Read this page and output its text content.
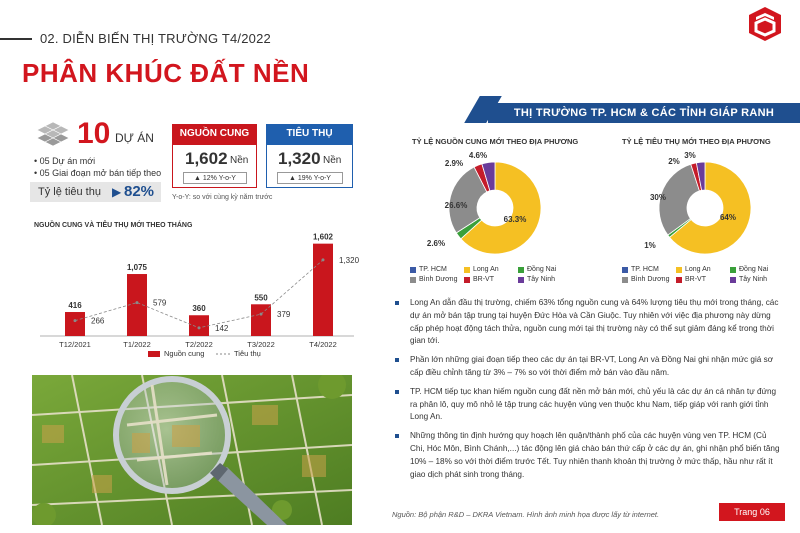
02. DIỄN BIẾN THỊ TRƯỜNG T4/2022
PHÂN KHÚC ĐẤT NỀN
THỊ TRƯỜNG TP. HCM & CÁC TỈNH GIÁP RANH
10 DỰ ÁN
• 05 Dự án mới
• 05 Giai đoạn mở bán tiếp theo
Tỷ lệ tiêu thụ ▶ 82%
NGUỒN CUNG
1,602 Nền
▲ 12% Y-o-Y
TIÊU THỤ
1,320 Nền
▲ 19% Y-o-Y
Y-o-Y: so với cùng kỳ năm trước
NGUỒN CUNG VÀ TIÊU THỤ MỚI THEO THÁNG
416
T12/2021
1,075
T1/2022
360
T2/2022
550
T3/2022
1,602
T4/2022
266
579
142
379
1,320
Nguồn cung	Tiêu thụ
TỶ LỆ NGUỒN CUNG MỚI THEO ĐỊA PHƯƠNG	TỶ LỆ TIÊU THỤ MỚI THEO ĐỊA PHƯƠNG
63.3%
2.6%
26.6%
2.9%
4.6%
64%
1%
30%
2%
3%
TP. HCM	Long An	Đồng Nai
Bình Dương BR-VT	Tây Ninh
TP. HCM	Long An	Đồng Nai
Bình Dương BR-VT	Tây Ninh
Long An dẫn đầu thị trường, chiếm 63% tổng nguồn cung và 64% lượng tiêu thụ mới trong tháng, các dự án mở bán tập trung tại huyện Đức Hòa và Cần Giuộc. Tuy nhiên với việc địa phương này dừng cấp phép hoạt động tách thửa, nguồn cung mới tại thị trường này có thể sụt giảm đáng kể trong thời gian tới.
Phần lớn những giai đoạn tiếp theo các dự án tại BR-VT, Long An và Đồng Nai ghi nhận mức giá sơ cấp điều chỉnh tăng từ 3% – 7% so với thời điểm mở bán vào đầu năm.
TP. HCM tiếp tục khan hiếm nguồn cung đất nền mở bán mới, chủ yếu là các dự án cá nhân tự đứng ra phân lô, quy mô nhỏ lẻ tập trung các huyện vùng ven thuộc khu Nam, tiếp giáp với ranh giới tỉnh Long An.
Những thông tin định hướng quy hoạch lên quận/thành phố của các huyện vùng ven TP. HCM (Củ Chi, Hóc Môn, Bình Chánh,...) tác động lên giá chào bán thứ cấp ở các dự án, ghi nhận phổ biến tăng 10% – 18% so với thời điểm trước Tết. Tuy nhiên thanh khoản thị trường ở mức thấp, hầu như rất ít giao dịch phát sinh trong tháng.
Nguồn: Bộ phận R&D – DKRA Vietnam. Hình ảnh minh họa được lấy từ internet.	Trang 06
